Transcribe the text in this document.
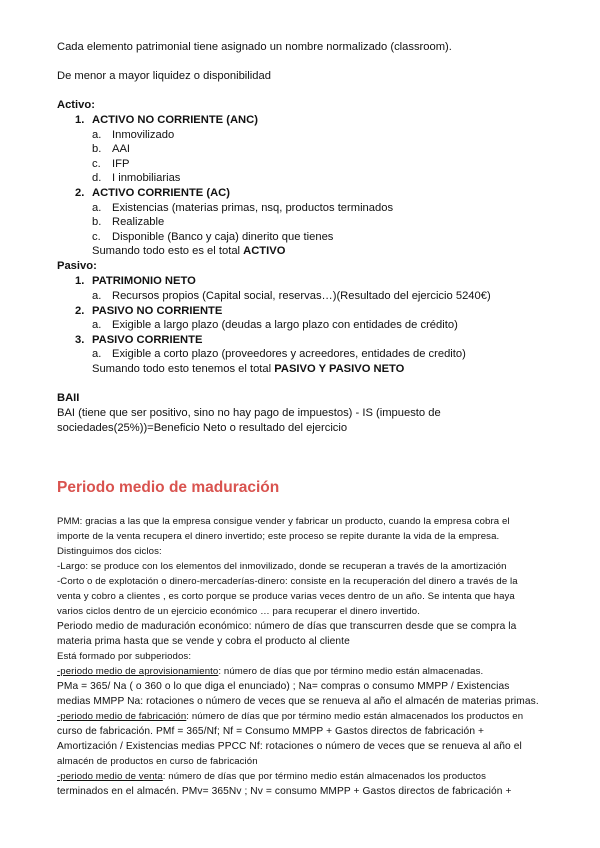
Cada elemento patrimonial tiene asignado un nombre normalizado (classroom).

De menor a mayor liquidez o disponibilidad

Activo:

1. ACTIVO NO CORRIENTE (ANC)
a. Inmovilizado
b. AAI
c. IFP
d. I inmobiliarias
2. ACTIVO CORRIENTE (AC)
a. Existencias (materias primas, nsq, productos terminados
b. Realizable
c. Disponible (Banco y caja) dinerito que tienes
Sumando todo esto es el total ACTIVO

Pasivo:

1. PATRIMONIO NETO
a. Recursos propios (Capital social, reservas…)(Resultado del ejercicio 5240€)
2. PASIVO NO CORRIENTE
a. Exigible a largo plazo (deudas a largo plazo con entidades de crédito)
3. PASIVO CORRIENTE
a. Exigible a corto plazo (proveedores y acreedores, entidades de credito)
Sumando todo esto tenemos el total PASIVO Y PASIVO NETO

BAII

BAI (tiene que ser positivo, sino no hay pago de impuestos) - IS (impuesto de

sociedades(25%))=Beneficio Neto o resultado del ejercicio

Periodo medio de maduración

PMM: gracias a las que la empresa consigue vender y fabricar un producto, cuando la empresa cobra el

importe de la venta recupera el dinero invertido; este proceso se repite durante la vida de la empresa.

Distinguimos dos ciclos:

-Largo: se produce con los elementos del inmovilizado, donde se recuperan a través de la amortización

-Corto o de explotación o dinero-mercaderías-dinero: consiste en la recuperación del dinero a través de la

venta y cobro a clientes , es corto porque se produce varias veces dentro de un año. Se intenta que haya

varios ciclos dentro de un ejercicio económico … para recuperar el dinero invertido.

Periodo medio de maduración económico: número de días que transcurren desde que se compra la

materia prima hasta que se vende y cobra el producto al cliente

Está formado por subperiodos:

-periodo medio de aprovisionamiento: número de días que por término medio están almacenadas.

PMa = 365/ Na ( o 360 o lo que diga el enunciado) ; Na= compras o consumo MMPP / Existencias

medias MMPP Na: rotaciones o número de veces que se renueva al año el almacén de materias primas.

-periodo medio de fabricación: número de días que por término medio están almacenados los productos en

curso de fabricación. PMf = 365/Nf; Nf = Consumo MMPP + Gastos directos de fabricación +

Amortización / Existencias medias PPCC Nf: rotaciones o número de veces que se renueva al año el

almacén de productos en curso de fabricación

-periodo medio de venta: número de días que por término medio están almacenados los productos

terminados en el almacén. PMv= 365Nv ; Nv = consumo MMPP + Gastos directos de fabricación +
